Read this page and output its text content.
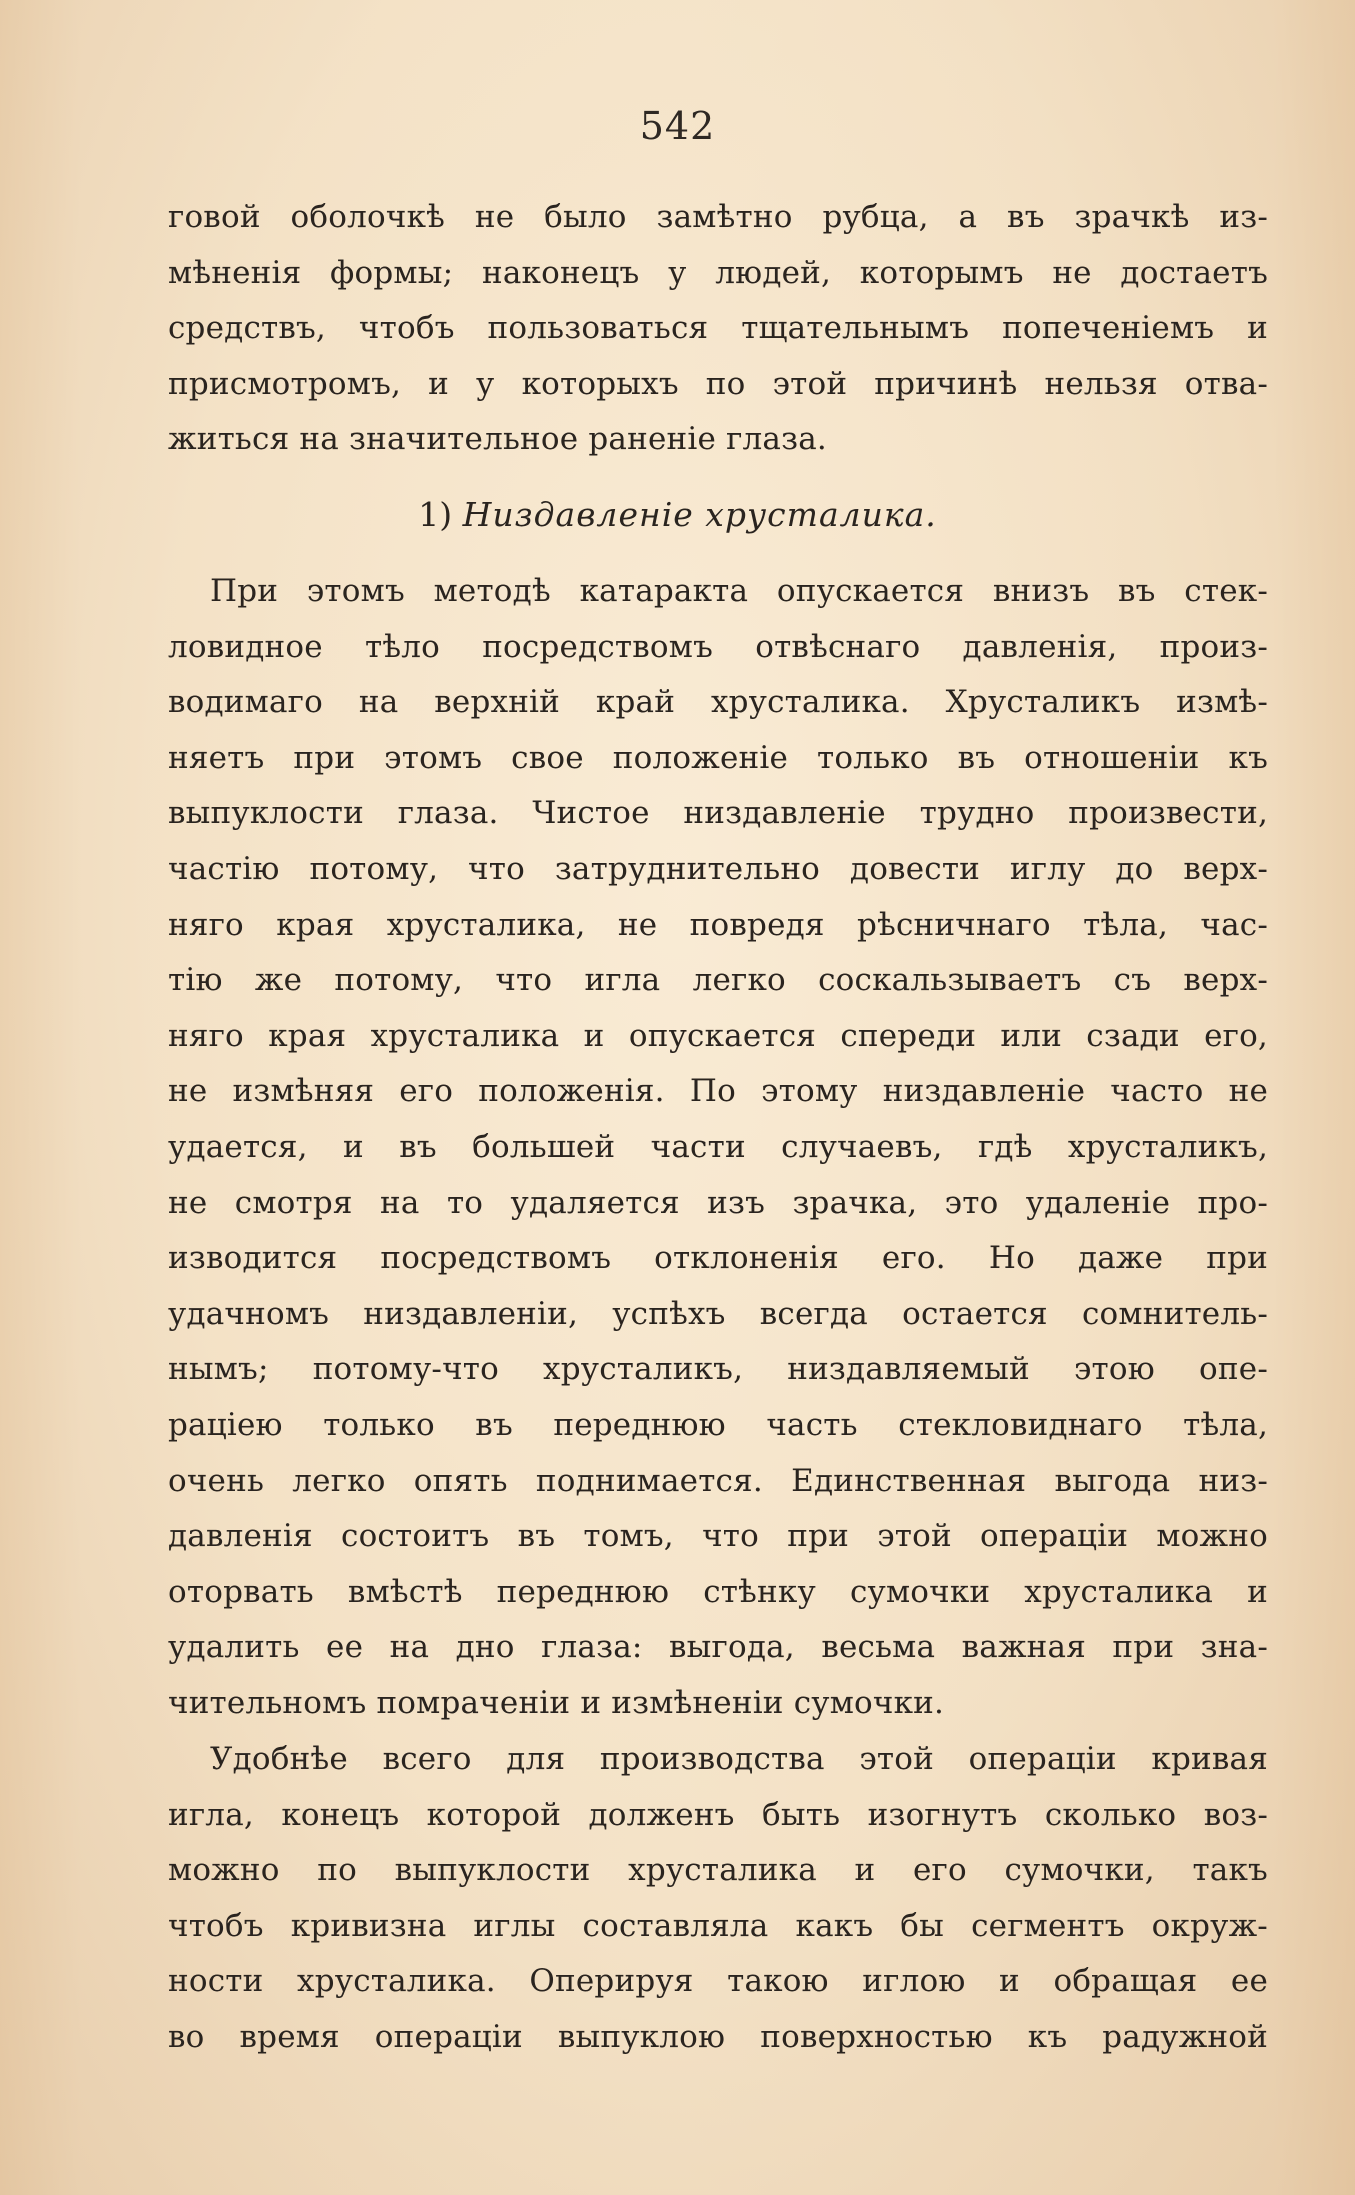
542
говой оболочкѣ не было замѣтно рубца, а въ зрачкѣ из-
мѣненія формы; наконецъ у людей, которымъ не достаетъ
средствъ, чтобъ пользоваться тщательнымъ попеченіемъ и
присмотромъ, и у которыхъ по этой причинѣ нельзя отва-
житься на значительное раненіе глаза.
1) Низдавленіе хрусталика.
При этомъ методѣ катаракта опускается внизъ въ стек-
ловидное тѣло посредствомъ отвѣснаго давленія, произ-
водимаго на верхній край хрусталика. Хрусталикъ измѣ-
няетъ при этомъ свое положеніе только въ отношеніи къ
выпуклости глаза. Чистое низдавленіе трудно произвести,
частію потому, что затруднительно довести иглу до верх-
няго края хрусталика, не повредя рѣсничнаго тѣла, час-
тію же потому, что игла легко соскальзываетъ съ верх-
няго края хрусталика и опускается спереди или сзади его,
не измѣняя его положенія. По этому низдавленіе часто не
удается, и въ большей части случаевъ, гдѣ хрусталикъ,
не смотря на то удаляется изъ зрачка, это удаленіе про-
изводится посредствомъ отклоненія его. Но даже при
удачномъ низдавленіи, успѣхъ всегда остается сомнитель-
нымъ; потому-что хрусталикъ, низдавляемый этою опе-
раціею только въ переднюю часть стекловиднаго тѣла,
очень легко опять поднимается. Единственная выгода низ-
давленія состоитъ въ томъ, что при этой операціи можно
оторвать вмѣстѣ переднюю стѣнку сумочки хрусталика и
удалить ее на дно глаза: выгода, весьма важная при зна-
чительномъ помраченіи и измѣненіи сумочки.
Удобнѣе всего для производства этой операціи кривая
игла, конецъ которой долженъ быть изогнутъ сколько воз-
можно по выпуклости хрусталика и его сумочки, такъ
чтобъ кривизна иглы составляла какъ бы сегментъ окруж-
ности хрусталика. Оперируя такою иглою и обращая ее
во время операціи выпуклою поверхностью къ радужной
